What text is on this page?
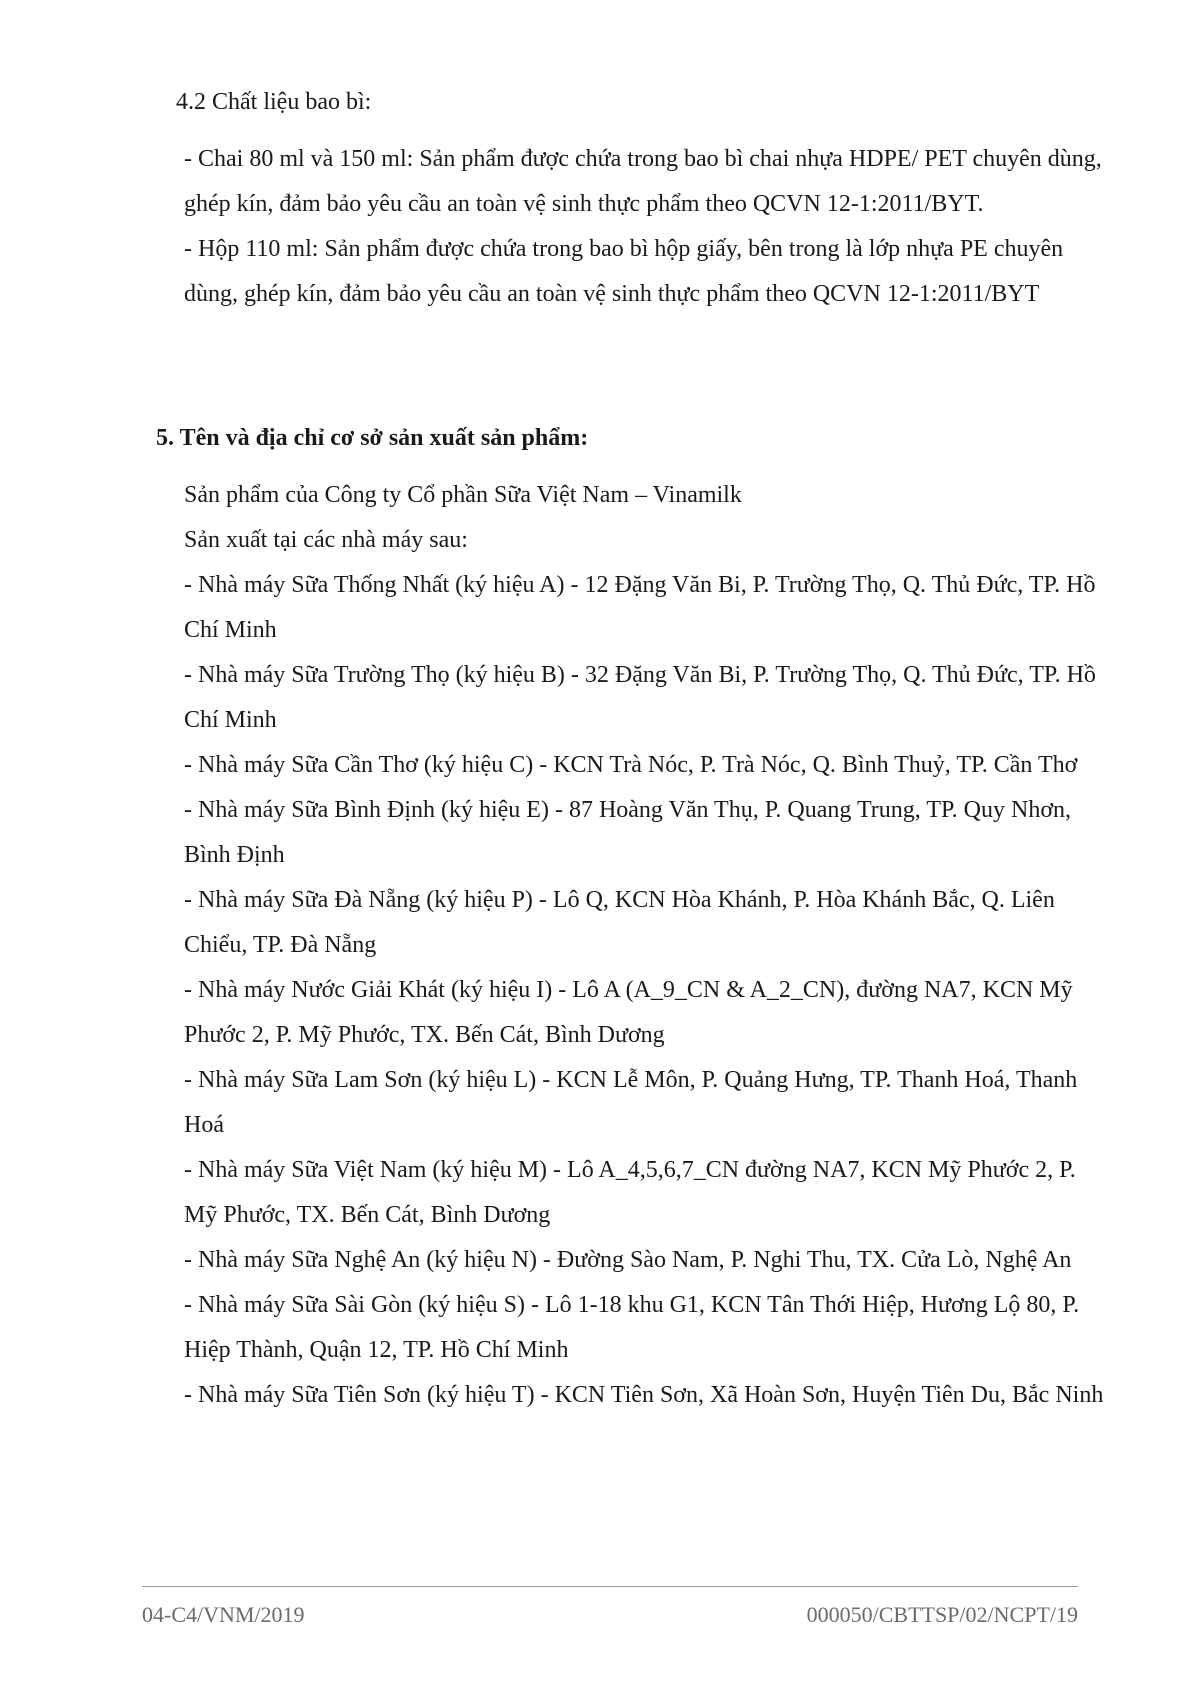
4.2 Chất liệu bao bì:

- Chai 80 ml và 150 ml: Sản phẩm được chứa trong bao bì chai nhựa HDPE/ PET chuyên dùng, ghép kín, đảm bảo yêu cầu an toàn vệ sinh thực phẩm theo QCVN 12-1:2011/BYT.

- Hộp 110 ml: Sản phẩm được chứa trong bao bì hộp giấy, bên trong là lớp nhựa PE chuyên dùng, ghép kín, đảm bảo yêu cầu an toàn vệ sinh thực phẩm theo QCVN 12-1:2011/BYT

5. Tên và địa chỉ cơ sở sản xuất sản phẩm:

Sản phẩm của Công ty Cổ phần Sữa Việt Nam – Vinamilk

Sản xuất tại các nhà máy sau:

- Nhà máy Sữa Thống Nhất (ký hiệu A) - 12 Đặng Văn Bi, P. Trường Thọ, Q. Thủ Đức, TP. Hồ Chí Minh

- Nhà máy Sữa Trường Thọ (ký hiệu B) - 32 Đặng Văn Bi, P. Trường Thọ, Q. Thủ Đức, TP. Hồ Chí Minh

- Nhà máy Sữa Cần Thơ (ký hiệu C) - KCN Trà Nóc, P. Trà Nóc, Q. Bình Thuỷ, TP. Cần Thơ

- Nhà máy Sữa Bình Định (ký hiệu E) - 87 Hoàng Văn Thụ, P. Quang Trung, TP. Quy Nhơn, Bình Định

- Nhà máy Sữa Đà Nẵng (ký hiệu P) - Lô Q, KCN Hòa Khánh, P. Hòa Khánh Bắc, Q. Liên Chiểu, TP. Đà Nẵng

- Nhà máy Nước Giải Khát (ký hiệu I) - Lô A (A_9_CN & A_2_CN), đường NA7, KCN Mỹ Phước 2, P. Mỹ Phước, TX. Bến Cát, Bình Dương

- Nhà máy Sữa Lam Sơn (ký hiệu L) - KCN Lễ Môn, P. Quảng Hưng, TP. Thanh Hoá, Thanh Hoá

- Nhà máy Sữa Việt Nam (ký hiệu M) - Lô A_4,5,6,7_CN đường NA7, KCN Mỹ Phước 2, P. Mỹ Phước, TX. Bến Cát, Bình Dương

- Nhà máy Sữa Nghệ An (ký hiệu N) - Đường Sào Nam, P. Nghi Thu, TX. Cửa Lò, Nghệ An

- Nhà máy Sữa Sài Gòn (ký hiệu S) - Lô 1-18 khu G1, KCN Tân Thới Hiệp, Hương Lộ 80, P. Hiệp Thành, Quận 12, TP. Hồ Chí Minh

- Nhà máy Sữa Tiên Sơn (ký hiệu T) - KCN Tiên Sơn, Xã Hoàn Sơn, Huyện Tiên Du, Bắc Ninh

04-C4/VNM/2019	000050/CBTTSP/02/NCPT/19
